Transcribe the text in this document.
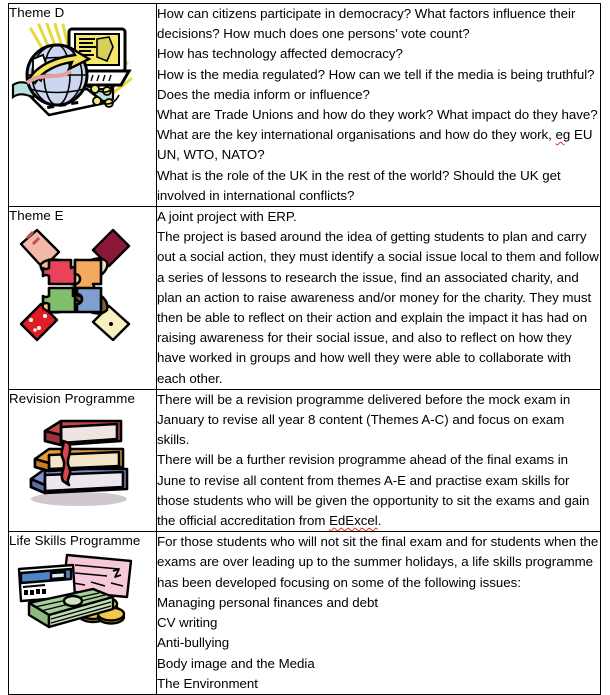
Theme D	How can citizens participate in democracy? What factors influence their decisions? How much does one persons’ vote count?

How has technology affected democracy?

How is the media regulated? How can we tell if the media is being truthful? Does the media inform or influence?

What are Trade Unions and how do they work? What impact do they have?

What are the key international organisations and how do they work, eg EU UN, WTO, NATO?

What is the role of the UK in the rest of the world? Should the UK get involved in international conflicts?

Theme E	A joint project with ERP.

The project is based around the idea of getting students to plan and carry out a social action, they must identify a social issue local to them and follow a series of lessons to research the issue, find an associated charity, and plan an action to raise awareness and/or money for the charity. They must then be able to reflect on their action and explain the impact it has had on raising awareness for their social issue, and also to reflect on how they have worked in groups and how well they were able to collaborate with each other.

Revision Programme	There will be a revision programme delivered before the mock exam in January to revise all year 8 content (Themes A-C) and focus on exam skills.

There will be a further revision programme ahead of the final exams in June to revise all content from themes A-E and practise exam skills for those students who will be given the opportunity to sit the exams and gain the official accreditation from EdExcel.

Life Skills Programme	For those students who will not sit the final exam and for students when the exams are over leading up to the summer holidays, a life skills programme has been developed focusing on some of the following issues:

Managing personal finances and debt

CV writing

Anti-bullying

Body image and the Media

The Environment
